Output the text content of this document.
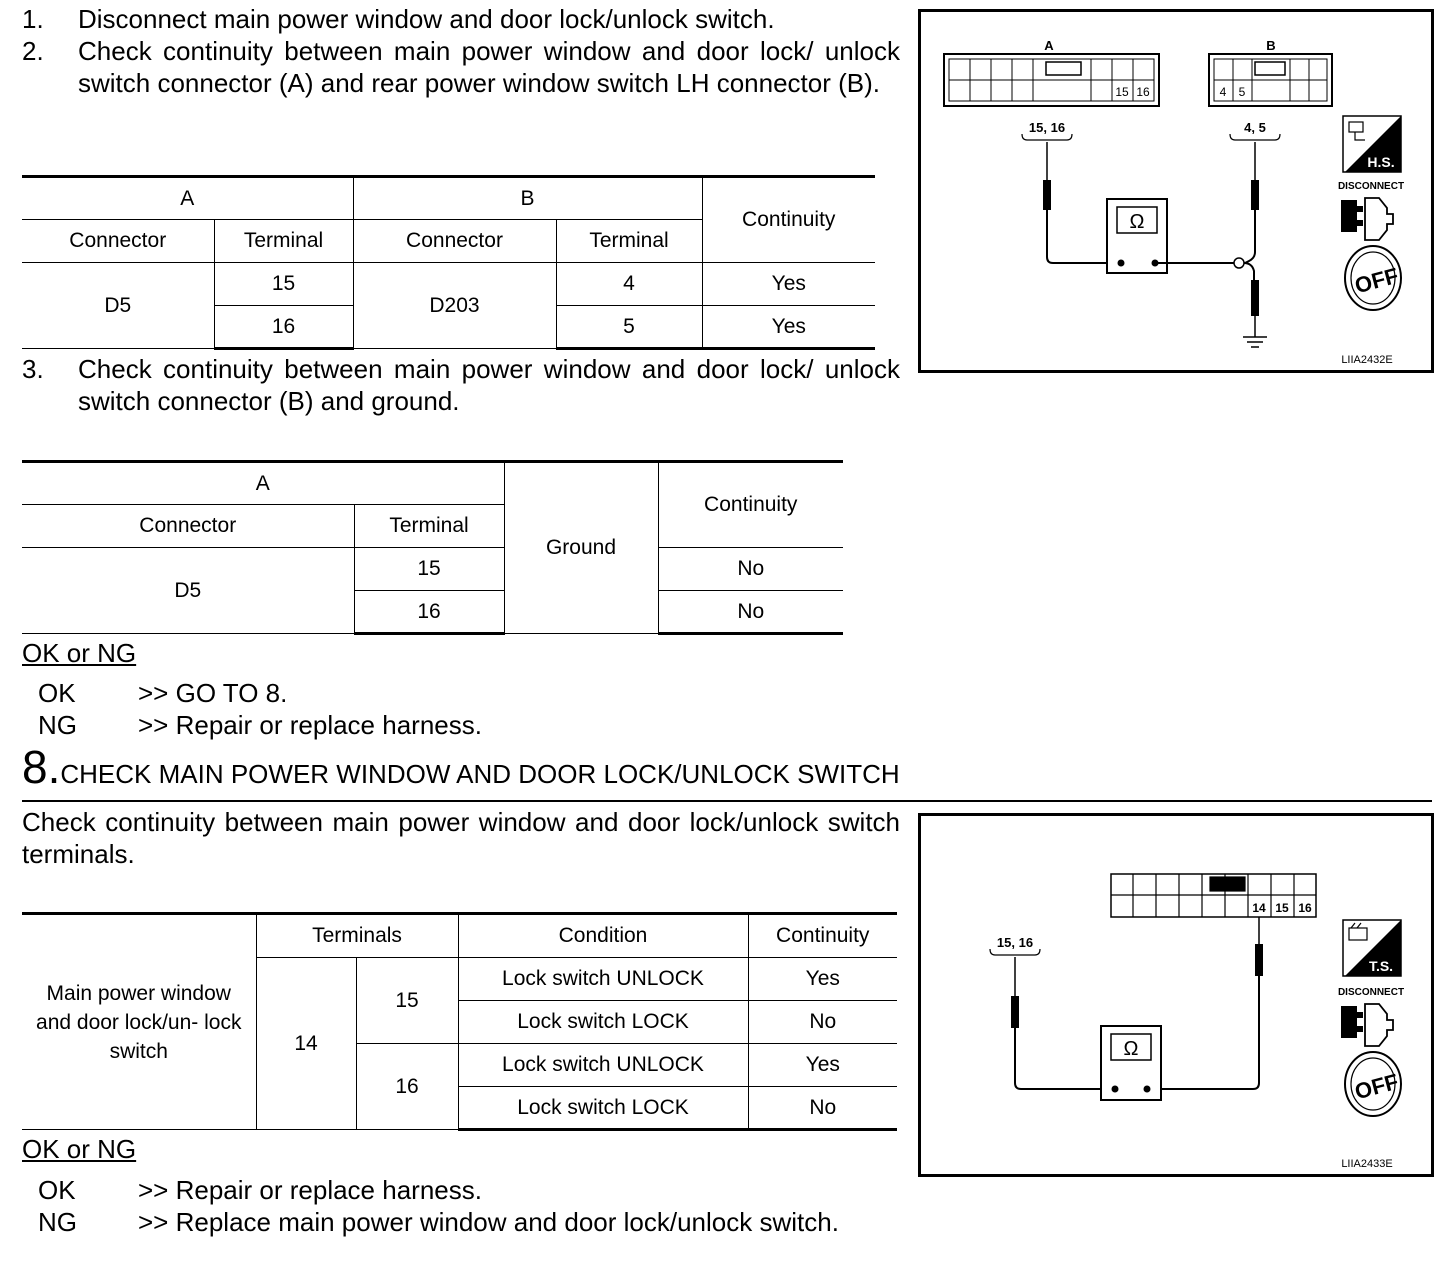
1. Disconnect main power window and door lock/unlock switch.
2. Check continuity between main power window and door lock/ unlock switch connector (A) and rear power window switch LH connector (B).
A		B		Continuity
Connector	Terminal	Connector	Terminal	
D5	15	D203	4	Yes
	16		5	Yes
3. Check continuity between main power window and door lock/ unlock switch connector (B) and ground.
A		Ground	Continuity
Connector	Terminal		
D5	15		No
	16		No
OK or NG
OK >> GO TO 8.
NG >> Repair or replace harness.
8.CHECK MAIN POWER WINDOW AND DOOR LOCK/UNLOCK SWITCH
Check continuity between main power window and door lock/unlock switch terminals.
Main power window and door lock/un- lock switch	Terminals		Condition	Continuity
	14	15	Lock switch UNLOCK	Yes
			Lock switch LOCK	No
		16	Lock switch UNLOCK	Yes
			Lock switch LOCK	No
OK or NG
OK >> Repair or replace harness.
NG >> Replace main power window and door lock/unlock switch.
A
15 16
B
4 5
15, 16	4, 5
Ω
H.S.
DISCONNECT
OFF
LIIA2432E
14 15 16
15, 16
Ω
T.S.
DISCONNECT
OFF
LIIA2433E
